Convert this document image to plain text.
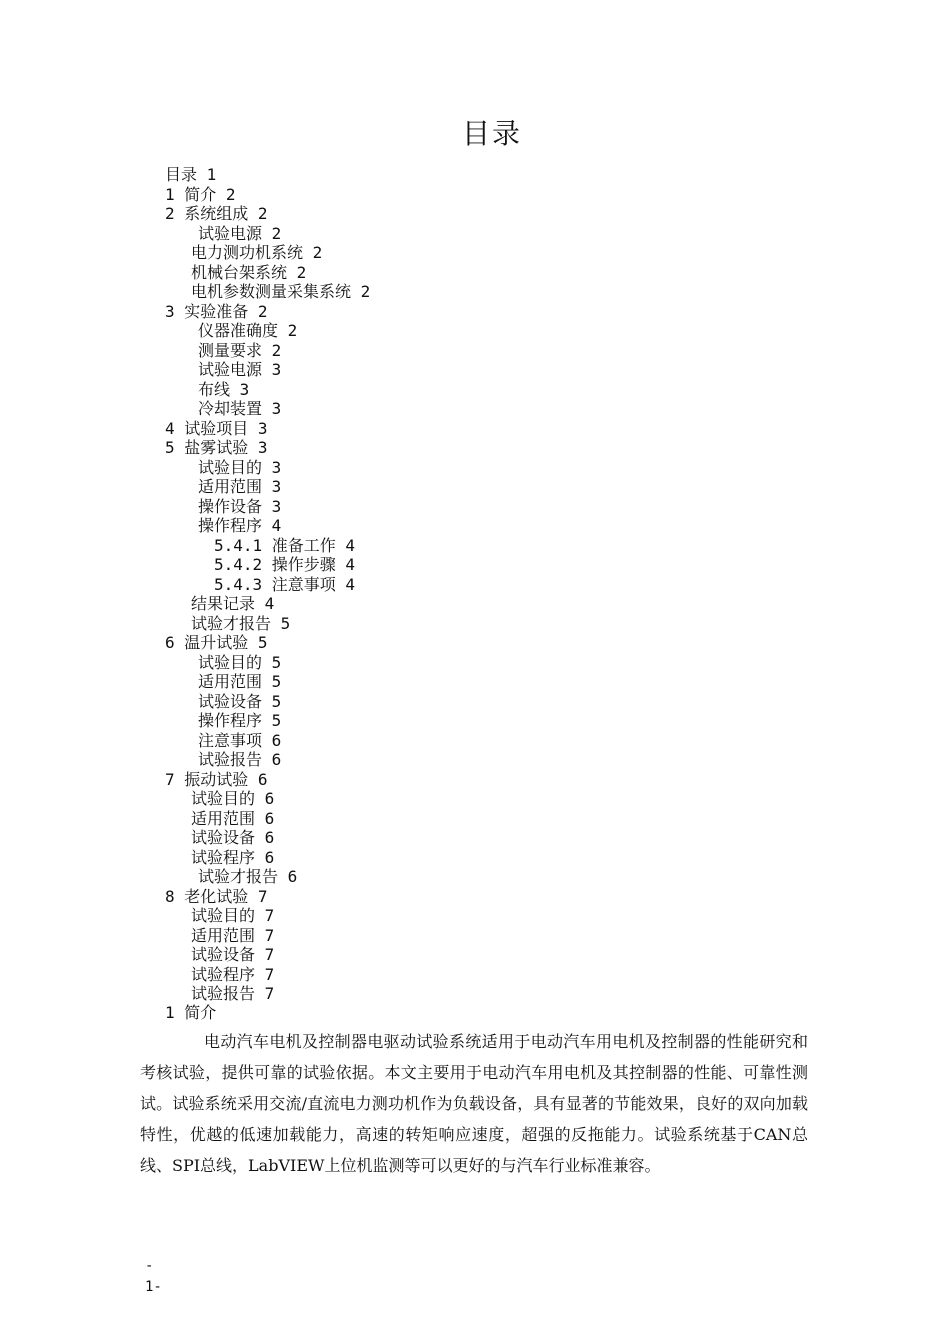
目录
目录 1
1 简介 2
2 系统组成 2
试验电源 2
电力测功机系统 2
机械台架系统 2
电机参数测量采集系统 2
3 实验准备 2
仪器准确度 2
测量要求 2
试验电源 3
布线 3
冷却装置 3
4 试验项目 3
5 盐雾试验 3
试验目的 3
适用范围 3
操作设备 3
操作程序 4
5.4.1 准备工作 4
5.4.2 操作步骤 4
5.4.3 注意事项 4
结果记录 4
试验才报告 5
6 温升试验 5
试验目的 5
适用范围 5
试验设备 5
操作程序 5
注意事项 6
试验报告 6
7 振动试验 6
试验目的 6
适用范围 6
试验设备 6
试验程序 6
试验才报告 6
8 老化试验 7
试验目的 7
适用范围 7
试验设备 7
试验程序 7
试验报告 7
1 简介
电动汽车电机及控制器电驱动试验系统适用于电动汽车用电机及控制器的性能研究和考核试验，提供可靠的试验依据。本文主要用于电动汽车用电机及其控制器的性能、可靠性测试。试验系统采用交流/直流电力测功机作为负载设备，具有显著的节能效果，良好的双向加载特性，优越的低速加载能力，高速的转矩响应速度，超强的反拖能力。试验系统基于CAN总线、SPI总线，LabVIEW上位机监测等可以更好的与汽车行业标准兼容。
-
1-
